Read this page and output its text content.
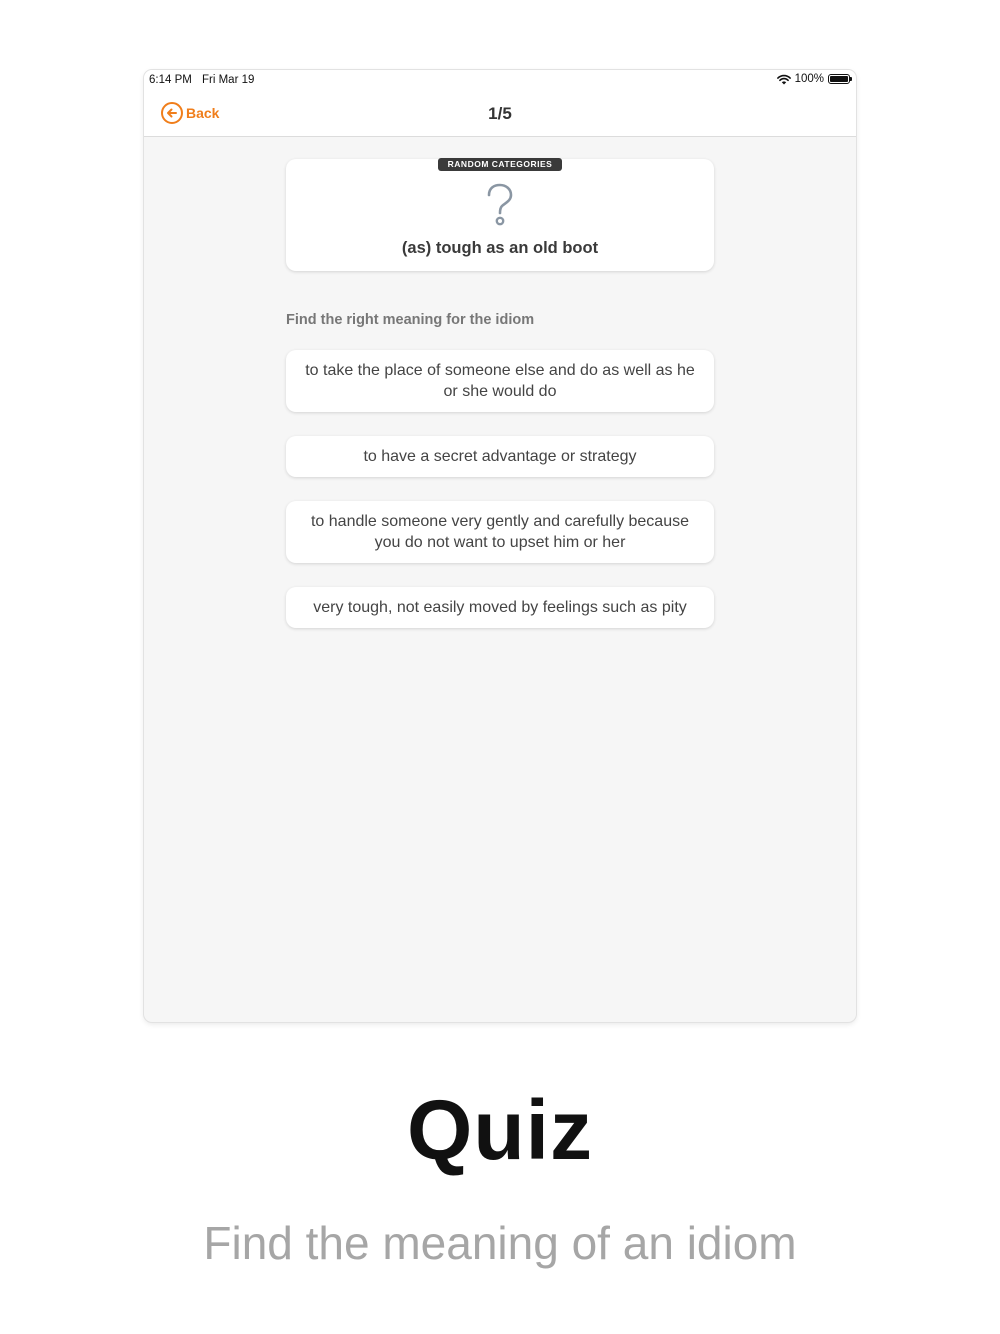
6:14 PM Fri Mar 19	100%
Back	1/5
RANDOM CATEGORIES
(as) tough as an old boot
Find the right meaning for the idiom
to take the place of someone else and do as well as he or she would do
to have a secret advantage or strategy
to handle someone very gently and carefully because you do not want to upset him or her
very tough, not easily moved by feelings such as pity
Quiz
Find the meaning of an idiom
